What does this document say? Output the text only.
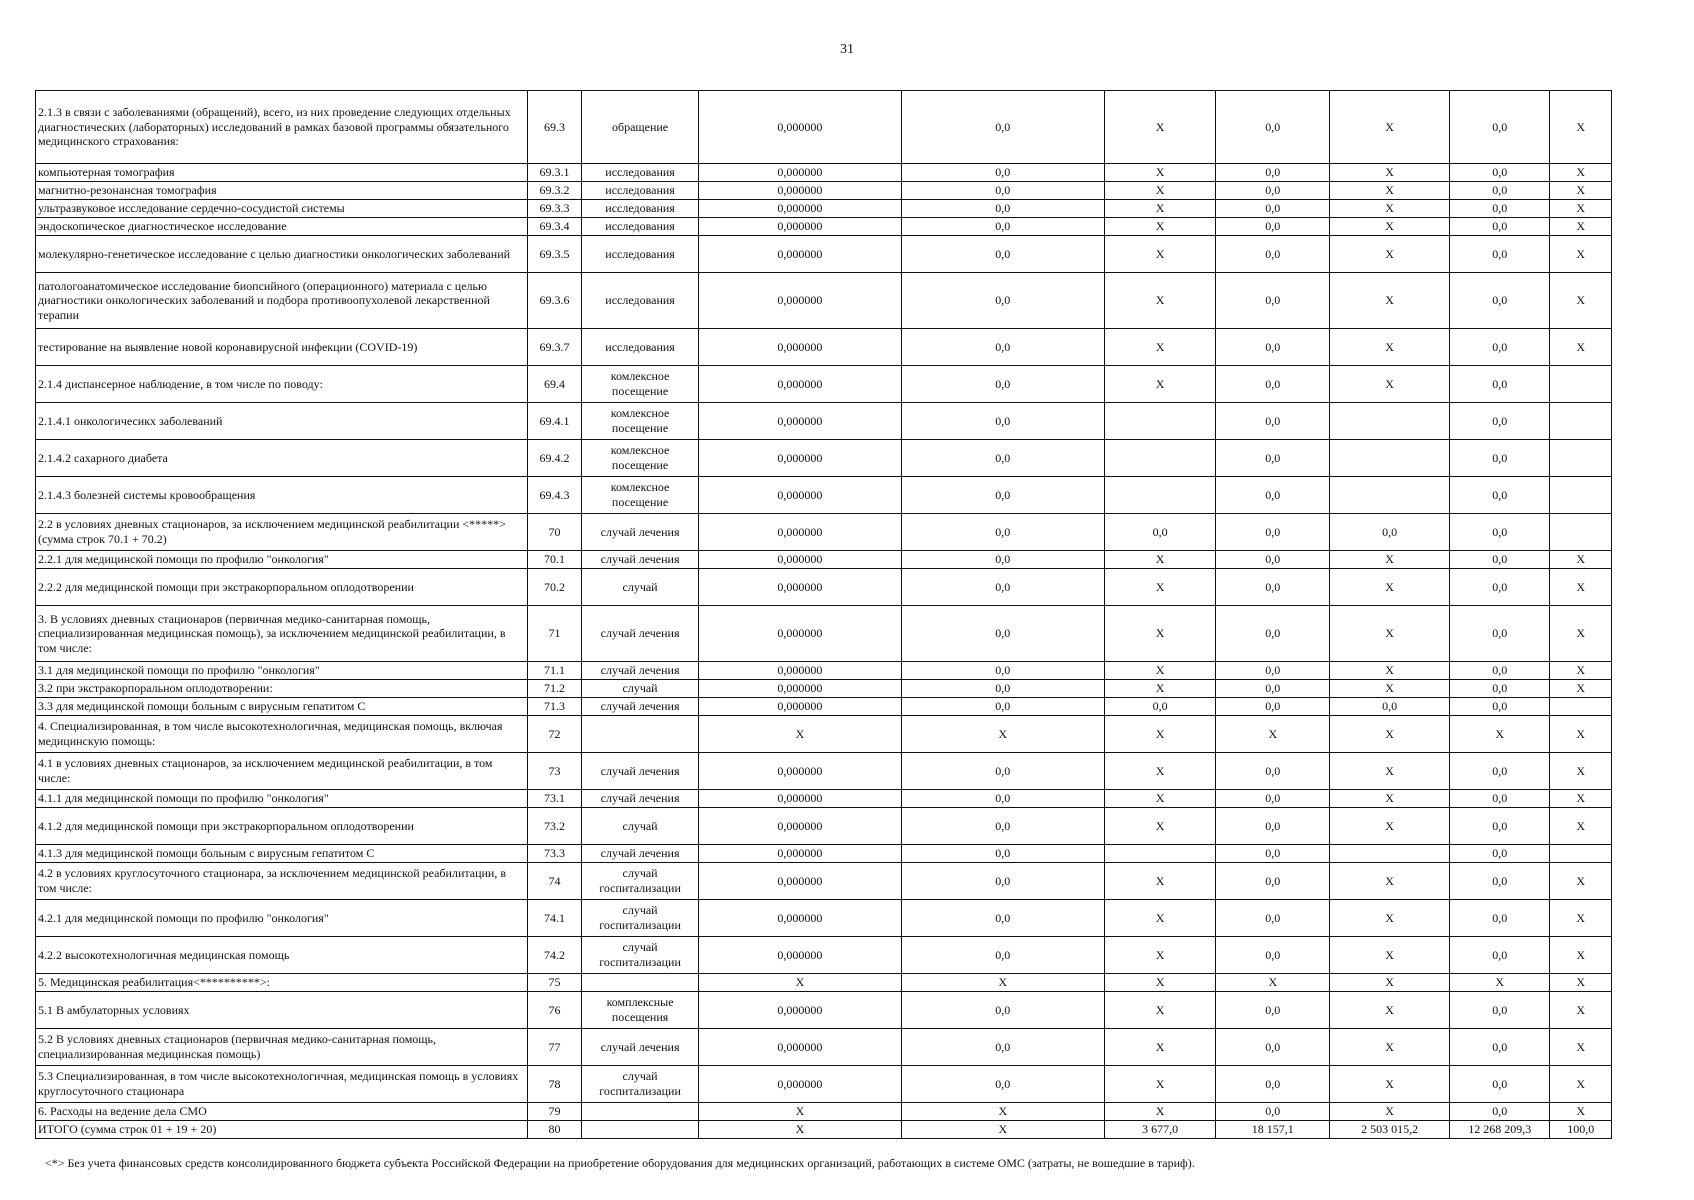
31
2.1.3 в связи с заболеваниями (обращений), всего, из них проведение следующих отдельных диагностических (лабораторных) исследований в рамках базовой программы обязательного медицинского страхования:	69.3	обращение	0,000000	0,0	X	0,0	X	0,0	X
компьютерная томография	69.3.1	исследования	0,000000	0,0	X	0,0	X	0,0	X
магнитно-резонансная томография	69.3.2	исследования	0,000000	0,0	X	0,0	X	0,0	X
ультразвуковое исследование сердечно-сосудистой системы	69.3.3	исследования	0,000000	0,0	X	0,0	X	0,0	X
эндоскопическое диагностическое исследование	69.3.4	исследования	0,000000	0,0	X	0,0	X	0,0	X
молекулярно-генетическое исследование с целью диагностики онкологических заболеваний	69.3.5	исследования	0,000000	0,0	X	0,0	X	0,0	X
патологоанатомическое исследование биопсийного (операционного) материала с целью диагностики онкологических заболеваний и подбора противоопухолевой лекарственной терапии	69.3.6	исследования	0,000000	0,0	X	0,0	X	0,0	X
тестирование на выявление новой коронавирусной инфекции (COVID-19)	69.3.7	исследования	0,000000	0,0	X	0,0	X	0,0	X
2.1.4 диспансерное наблюдение, в том числе по поводу:	69.4	комлексное посещение	0,000000	0,0	X	0,0	X	0,0	
2.1.4.1 онкологичесикх заболеваний	69.4.1	комлексное посещение	0,000000	0,0		0,0		0,0	
2.1.4.2 сахарного диабета	69.4.2	комлексное посещение	0,000000	0,0		0,0		0,0	
2.1.4.3 болезней системы кровообращения	69.4.3	комлексное посещение	0,000000	0,0		0,0		0,0	
2.2 в условиях дневных стационаров, за исключением медицинской реабилитации <*****> (сумма строк 70.1 + 70.2)	70	случай лечения	0,000000	0,0	0,0	0,0	0,0	0,0	
2.2.1 для медицинской помощи по профилю "онкология"	70.1	случай лечения	0,000000	0,0	X	0,0	X	0,0	X
2.2.2 для медицинской помощи при экстракорпоральном оплодотворении	70.2	случай	0,000000	0,0	X	0,0	X	0,0	X
3. В условиях дневных стационаров (первичная медико-санитарная помощь, специализированная медицинская помощь), за исключением медицинской реабилитации, в том числе:	71	случай лечения	0,000000	0,0	X	0,0	X	0,0	X
3.1 для медицинской помощи по профилю "онкология"	71.1	случай лечения	0,000000	0,0	X	0,0	X	0,0	X
3.2 при экстракорпоральном оплодотворении:	71.2	случай	0,000000	0,0	X	0,0	X	0,0	X
3.3 для медицинской помощи больным с вирусным гепатитом С	71.3	случай лечения	0,000000	0,0	0,0	0,0	0,0	0,0	
4. Специализированная, в том числе высокотехнологичная, медицинская помощь, включая медицинскую помощь:	72		X	X	X	X	X	X	X
4.1 в условиях дневных стационаров, за исключением медицинской реабилитации, в том числе:	73	случай лечения	0,000000	0,0	X	0,0	X	0,0	X
4.1.1 для медицинской помощи по профилю "онкология"	73.1	случай лечения	0,000000	0,0	X	0,0	X	0,0	X
4.1.2 для медицинской помощи при экстракорпоральном оплодотворении	73.2	случай	0,000000	0,0	X	0,0	X	0,0	X
4.1.3 для медицинской помощи больным с вирусным гепатитом С	73.3	случай лечения	0,000000	0,0		0,0		0,0	
4.2 в условиях круглосуточного стационара, за исключением медицинской реабилитации, в том числе:	74	случай госпитализации	0,000000	0,0	X	0,0	X	0,0	X
4.2.1 для медицинской помощи по профилю "онкология"	74.1	случай госпитализации	0,000000	0,0	X	0,0	X	0,0	X
4.2.2 высокотехнологичная медицинская помощь	74.2	случай госпитализации	0,000000	0,0	X	0,0	X	0,0	X
5. Медицинская реабилитация<**********>:	75		X	X	X	X	X	X	X
5.1 В амбулаторных условиях	76	комплексные посещения	0,000000	0,0	X	0,0	X	0,0	X
5.2 В условиях дневных стационаров (первичная медико-санитарная помощь, специализированная медицинская помощь)	77	случай лечения	0,000000	0,0	X	0,0	X	0,0	X
5.3 Специализированная, в том числе высокотехнологичная, медицинская помощь в условиях круглосуточного стационара	78	случай госпитализации	0,000000	0,0	X	0,0	X	0,0	X
6. Расходы на ведение дела СМО	79		X	X	X	0,0	X	0,0	X
ИТОГО (сумма строк 01 + 19 + 20)	80		X	X	3 677,0	18 157,1	2 503 015,2	12 268 209,3	100,0
<*> Без учета финансовых средств консолидированного бюджета субъекта Российской Федерации на приобретение оборудования для медицинских организаций, работающих в системе ОМС (затраты, не вошедшие в тариф).
